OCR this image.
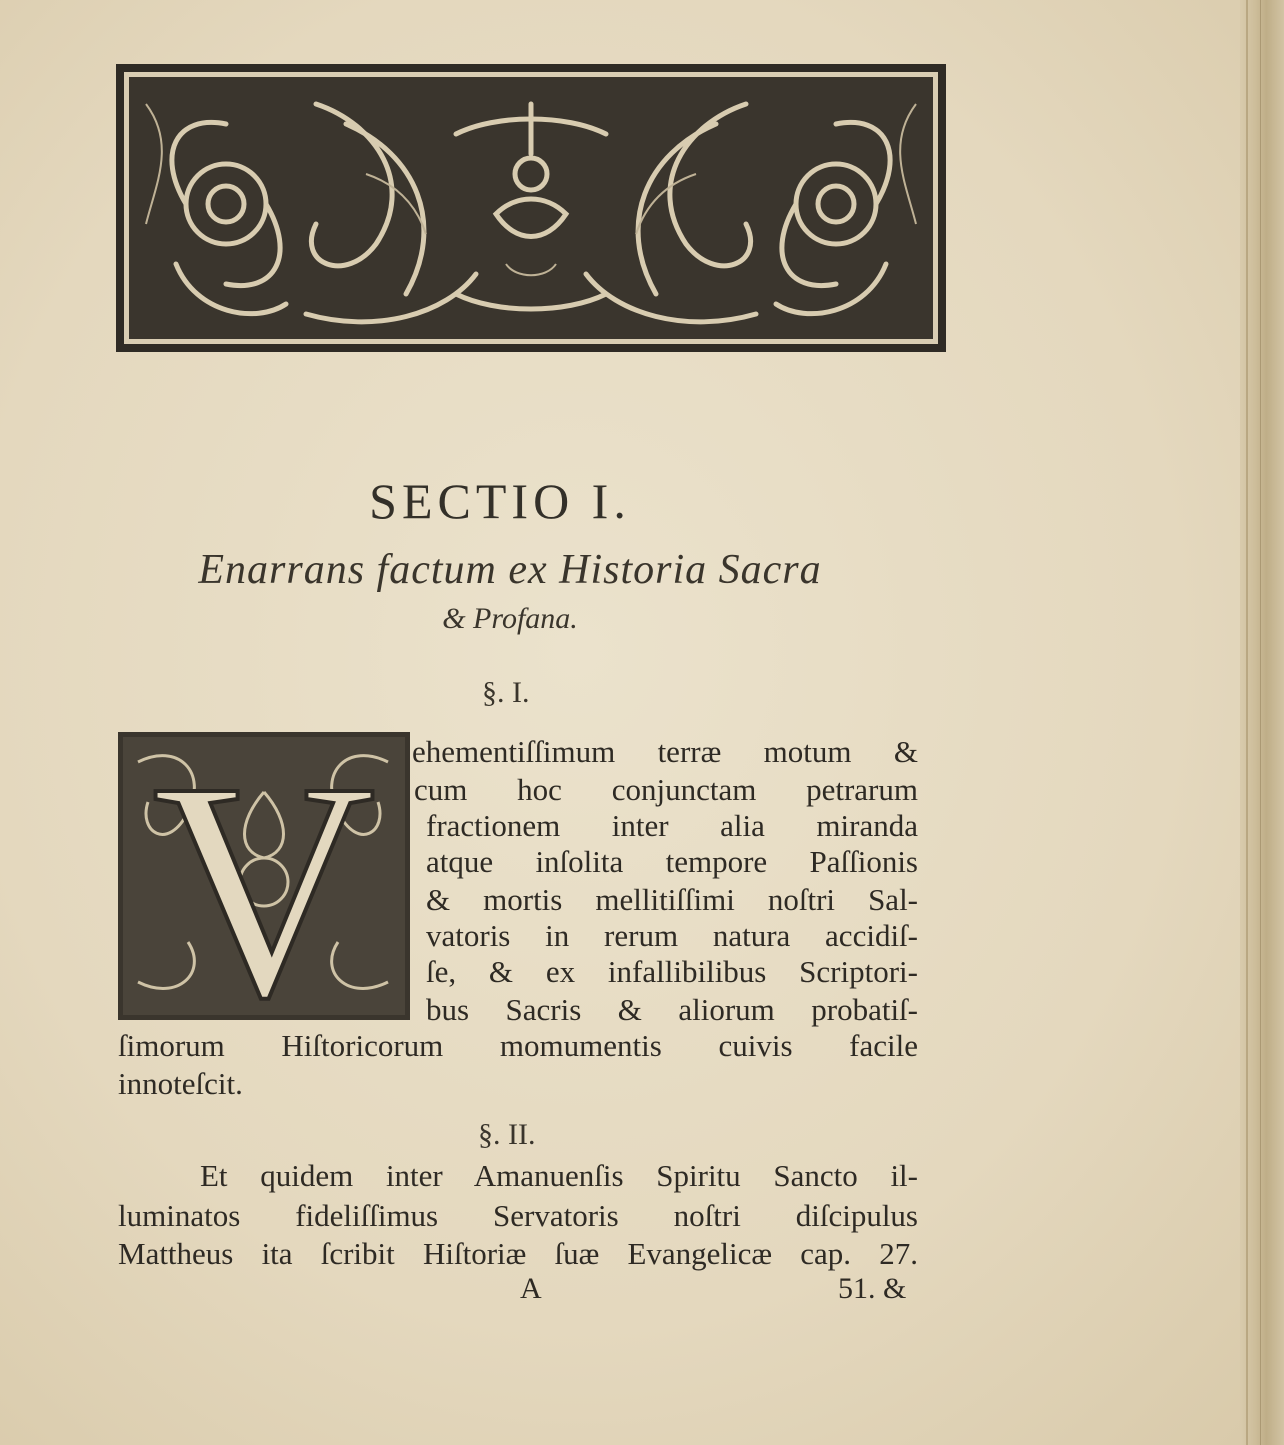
SECTIO I.
Enarrans factum ex Historia Sacra
& Profana.
§. I.
V ehementiſſimum terræ motum &
cum hoc conjunctam petrarum
fractionem inter alia miranda
atque inſolita tempore Paſſionis
& mortis mellitiſſimi noſtri Sal-
vatoris in rerum natura accidiſ-
ſe, & ex infallibilibus Scriptori-
bus Sacris & aliorum probatiſ-
ſimorum Hiſtoricorum momumentis cuivis facile
innoteſcit.
§. II.
Et quidem inter Amanuenſis Spiritu Sancto il-
luminatos fideliſſimus Servatoris noſtri diſcipulus
Mattheus ita ſcribit Hiſtoriæ ſuæ Evangelicæ cap. 27.
A	51. &
